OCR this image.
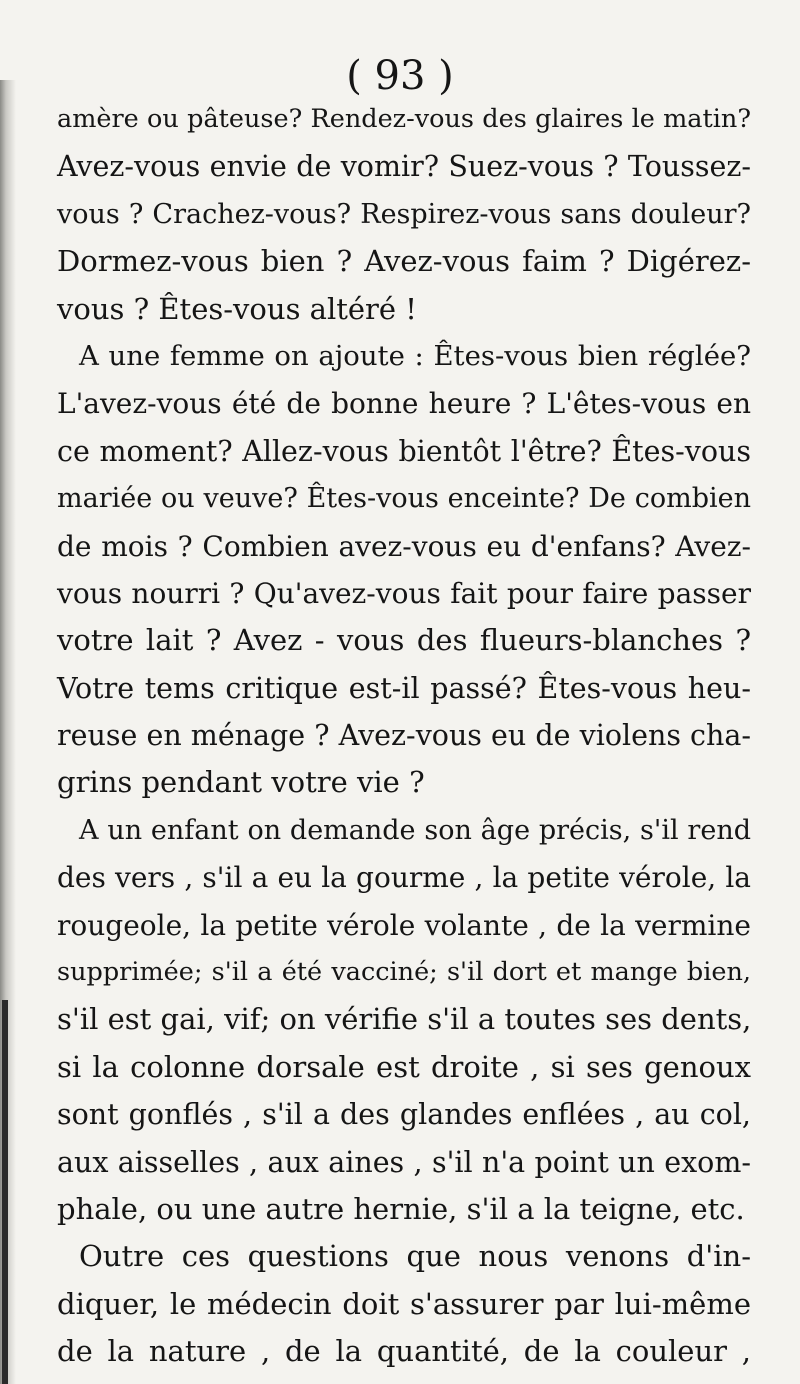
( 93 )
amère ou pâteuse? Rendez-vous des glaires le matin?
Avez-vous envie de vomir? Suez-vous ? Toussez-
vous ? Crachez-vous? Respirez-vous sans douleur?
Dormez-vous bien ? Avez-vous faim ? Digérez-
vous ? Êtes-vous altéré !
A une femme on ajoute : Êtes-vous bien réglée?
L'avez-vous été de bonne heure ? L'êtes-vous en
ce moment? Allez-vous bientôt l'être? Êtes-vous
mariée ou veuve? Êtes-vous enceinte? De combien
de mois ? Combien avez-vous eu d'enfans? Avez-
vous nourri ? Qu'avez-vous fait pour faire passer
votre lait ? Avez - vous des flueurs-blanches ?
Votre tems critique est-il passé? Êtes-vous heu-
reuse en ménage ? Avez-vous eu de violens cha-
grins pendant votre vie ?
A un enfant on demande son âge précis, s'il rend
des vers , s'il a eu la gourme , la petite vérole, la
rougeole, la petite vérole volante , de la vermine
supprimée; s'il a été vacciné; s'il dort et mange bien,
s'il est gai, vif; on vérifie s'il a toutes ses dents,
si la colonne dorsale est droite , si ses genoux
sont gonflés , s'il a des glandes enflées , au col,
aux aisselles , aux aines , s'il n'a point un exom-
phale, ou une autre hernie, s'il a la teigne, etc.
Outre ces questions que nous venons d'in-
diquer, le médecin doit s'assurer par lui-même
de la nature , de la quantité, de la couleur ,
